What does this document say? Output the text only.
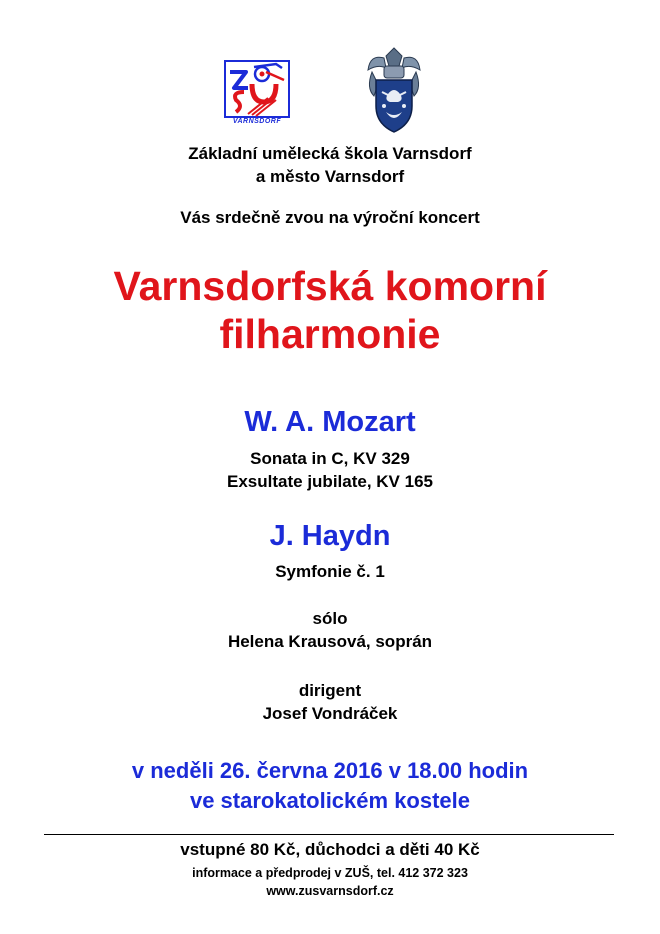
VARNSDORF
Základní umělecká škola Varnsdorf
a město Varnsdorf
Vás srdečně zvou na výroční koncert
Varnsdorfská komorní
filharmonie
W. A. Mozart
Sonata in C, KV 329
Exsultate jubilate, KV 165
J. Haydn
Symfonie č. 1
sólo
Helena Krausová, soprán
dirigent
Josef Vondráček
v neděli 26. června 2016 v 18.00 hodin
ve starokatolickém kostele
vstupné 80 Kč, důchodci a děti 40 Kč
informace a předprodej v ZUŠ, tel. 412 372 323
www.zusvarnsdorf.cz
